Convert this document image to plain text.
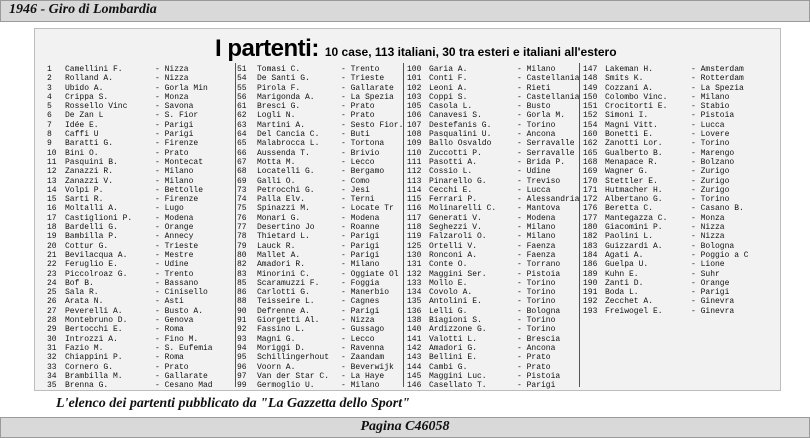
1946 - Giro di Lombardia
I partenti: 10 case, 113 italiani, 30 tra esteri e italiani all'estero
1 Camellini F.	- Nizza
2 Rolland A.	- Nizza
3 Ubido A.	- Gorla Min
4 Crippa S.	- Monza
5 Rossello Vinc	- Savona
6 De Zan L	- S. Fior
7 Idée E.	- Parigi
8 Caffi U	- Parigi
9 Baratti G.	- Firenze
10 Bini O.	- Prato
11 Pasquini B.	- Montecat
12 Zanazzi R.	- Milano
13 Zanazzi V.	- Milano
14 Volpi P.	- Bettolle
15 Sarti R.	- Firenze
16 Moltalli A.	- Lugo
17 Castiglioni P.	- Modena
18 Bardelli G.	- Orange
19 Bambilla P.	- Annecy
20 Cottur G.	- Trieste
21 Bevilacqua A.	- Mestre
22 Feruglio E.	- Udine
23 Piccolroaz G.	- Trento
24 Bof B.	- Bassano
25 Sala R.	- Cinisello
26 Arata N.	- Asti
27 Peverelli A.	- Busto A.
28 Montebruno D.	- Genova
29 Bertocchi E.	- Roma
30 Introzzi A.	- Fino M.
31 Fazio M.	- S. Eufemia
32 Chiappini P.	- Roma
33 Cornero G.	- Prato
34 Brambilla M.	- Gallarate
35 Brenna G.	- Cesano Mad
51 Tomasi C.	- Trento
54 De Santi G.	- Trieste
55 Pirola F.	- Gallarate
56 Marigonda A.	- La Spezia
61 Bresci G.	- Prato
62 Logli N.	- Prato
63 Martini A.	- Sesto Fior.
64 Del Cancia C.	- Buti
65 Malabrocca L.	- Tortona
66 Aussenda T.	- Brivio
67 Motta M.	- Lecco
68 Locatelli G.	- Bergamo
69 Galli O.	- Como
73 Petrocchi G.	- Jesi
74 Palla Elv.	- Terni
75 Spinazzi M.	- Locate Tr
76 Monari G.	- Modena
77 Desertino Jo	- Roanne
78 Thietard L.	- Parigi
79 Lauck R.	- Parigi
80 Mallet A.	- Parigi
82 Amadori R.	- Milano
83 Minorini C.	- Oggiate Ol
85 Scaramuzzi F.	- Foggia
86 Carlotti G.	- Manerbio
88 Teisseire L.	- Cagnes
90 Defrenne A.	- Parigi
91 Giorgetti Al.	- Nizza
92 Fassino L.	- Gussago
93 Magni G.	- Lecco
94 Moriggi D.	- Ravenna
95 Schillingerhout - Zaandam
96 Voorn A.	- Beverwijk
97 Van der Star C. - La Haye
99 Germoglio U.	- Milano
100 Garia A.	- Milano
101 Conti F.	- Castellania
102 Leoni A.	- Rieti
103 Coppi S.	- Castellania
105 Casola L.	- Busto
106 Canavesi S.	- Gorla M.
107 Destefanis G.	- Torino
108 Pasqualini U.	- Ancona
109 Ballo Osvaldo	- Serravalle
110 Zuccotti P.	- Serravalle
111 Pasotti A.	- Brida P.
112 Cossio L.	- Udine
113 Pinarello G.	- Treviso
114 Cecchi E.	- Lucca
115 Ferrari P.	- Alessandria
116 Molinarelli C.	- Mantova
117 Generati V.	- Modena
118 Seghezzi V.	- Milano
119 Falzaroli O.	- Milano
125 Ortelli V.	- Faenza
130 Ronconi A.	- Faenza
131 Conte O.	- Torrano
132 Maggini Ser.	- Pistoia
133 Mollo E.	- Torino
134 Covolo A.	- Torino
135 Antolini E.	- Torino
136 Lelli G.	- Bologna
138 Biagioni S.	- Torino
140 Ardizzone G.	- Torino
141 Valotti L.	- Brescia
142 Amadori G.	- Ancona
143 Bellini E.	- Prato
144 Cambi G.	- Prato
145 Maggini Luc.	- Pistoia
146 Casellato T.	- Parigi
147 Lakeman H.	- Amsterdam
148 Smits K.	- Rotterdam
149 Cozzani A.	- La Spezia
150 Colombo Vinc.	- Milano
151 Crocitorti E.	- Stabio
152 Simoni I.	- Pistoia
154 Magni Vitt.	- Lucca
160 Bonetti E.	- Lovere
162 Zanotti Lor.	- Torino
165 Gualberto B.	- Marengo
168 Menapace R.	- Bolzano
169 Wagner G.	- Zurigo
170 Stettler E.	- Zurigo
171 Hutmacher H.	- Zurigo
172 Albertano G.	- Torino
176 Beretta C.	- Casano B.
177 Mantegazza C.	- Monza
180 Giacomini P.	- Nizza
182 Paolini L.	- Nizza
183 Guizzardi A.	- Bologna
184 Agati A.	- Poggio a C
186 Guelpa U.	- Lione
189 Kuhn E.	- Suhr
190 Zanti D.	- Orange
191 Boda L.	- Parigi
192 Zecchet A.	- Ginevra
193 Freiwogel E.	- Ginevra
L'elenco dei partenti pubblicato da "La Gazzetta dello Sport"
Pagina C46058
